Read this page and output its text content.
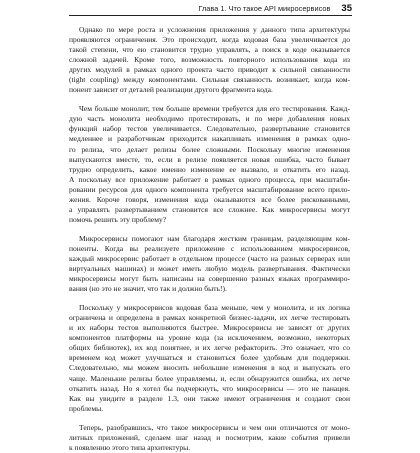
Глава 1. Что такое API микросервисов 35

Однако по мере роста и усложнения приложения у данного типа архитектуры
проявляются ограничения. Это происходит, когда кодовая база увеличивается до
такой степени, что ею становится трудно управлять, а поиск в коде оказывается
сложной задачей. Кроме того, возможность повторного использования кода из
других модулей в рамках одного проекта часто приводит к сильной связанности
(tight coupling) между компонентами. Сильная связанность возникает, когда ком-
понент зависит от деталей реализации другого фрагмента кода.

Чем больше монолит, тем больше времени требуется для его тестирования. Кажд-
дую часть монолита необходимо протестировать, и по мере добавления новых
функций набор тестов увеличивается. Следовательно, развертывание становится
медленнее и разработчикам приходится накапливать изменения в рамках одно-
го релиза, что делает релизы более сложными. Поскольку многие изменения
выпускаются вместе, то, если в релизе появляется новая ошибка, часто бывает
трудно определить, какое именно изменение ее вызвало, и откатить его назад.
А поскольку все приложение работает в рамках одного процесса, при масштаби-
ровании ресурсов для одного компонента требуется масштабирование всего прило-
жения. Короче говоря, изменения кода оказываются все более рискованными,
а управлять развертыванием становится все сложнее. Как микросервисы могут
помочь решить эту проблему?

Микросервисы помогают нам благодаря жестким границам, разделяющим ком-
поненты. Когда вы реализуете приложение с использованием микросервисов,
каждый микросервис работает в отдельном процессе (часто на разных серверах или
виртуальных машинах) и может иметь любую модель развертывания. Фактически
микросервисы могут быть написаны на совершенно разных языках программиро-
вания (но это не значит, что так и должно быть!).

Поскольку у микросервисов кодовая база меньше, чем у монолита, и их логика
ограничена и определена в рамках конкретной бизнес-задачи, их легче тестировать
и их наборы тестов выполняются быстрее. Микросервисы не зависят от других
компонентов платформы на уровне кода (за исключением, возможно, некоторых
общих библиотек), их код понятнее, и их легче рефакторить. Это означает, что со
временем код может улучшаться и становиться более удобным для поддержки.
Следовательно, мы можем вносить небольшие изменения в код и выпускать его
чаще. Маленькие релизы более управляемы, и, если обнаружится ошибка, их легче
откатить назад. Но я хотел бы подчеркнуть, что микросервисы — это не панацея.
Как вы увидите в разделе 1.3, они также имеют ограничения и создают свои
проблемы.

Теперь, разобравшись, что такое микросервисы и чем они отличаются от моно-
литных приложений, сделаем шаг назад и посмотрим, какие события привели
к появлению этого типа архитектуры.
